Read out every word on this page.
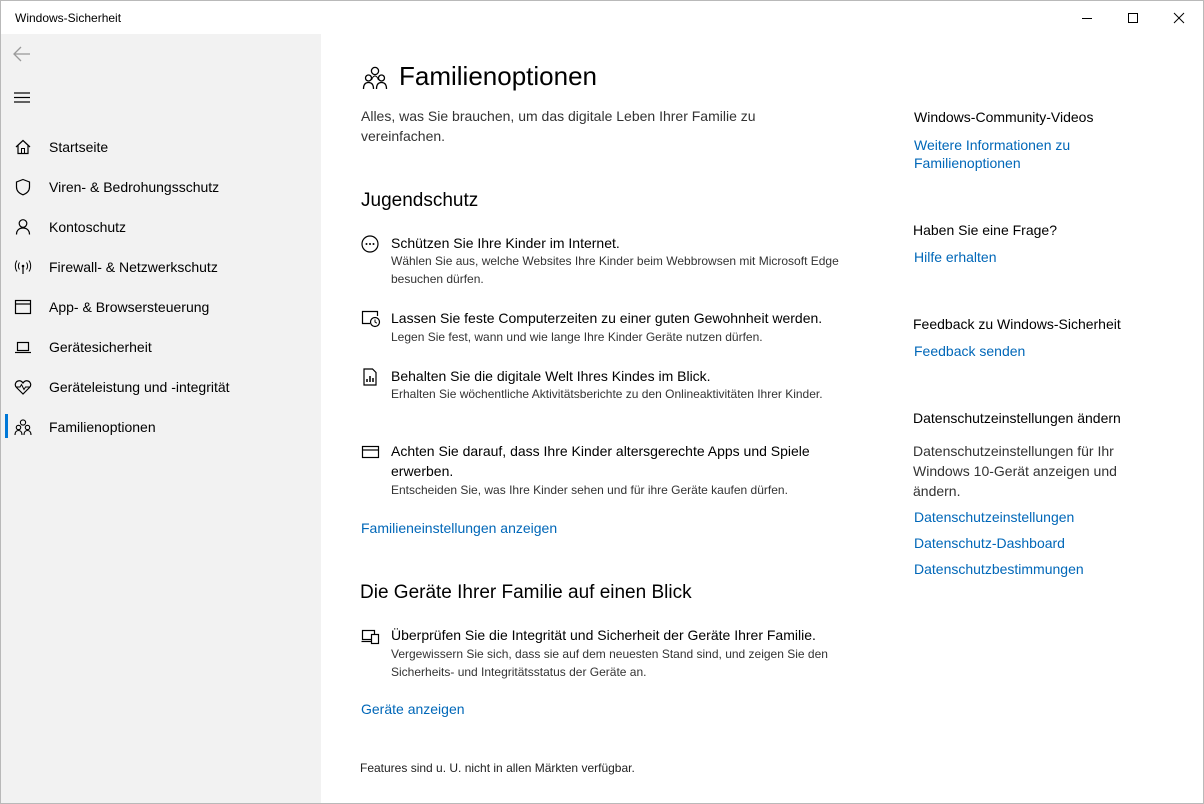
Windows-Sicherheit
Startseite
Viren- & Bedrohungsschutz
Kontoschutz
Firewall- & Netzwerkschutz
App- & Browsersteuerung
Gerätesicherheit
Geräteleistung und -integrität
Familienoptionen
Familienoptionen
Alles, was Sie brauchen, um das digitale Leben Ihrer Familie zu vereinfachen.
Jugendschutz
Schützen Sie Ihre Kinder im Internet.
Wählen Sie aus, welche Websites Ihre Kinder beim Webbrowsen mit Microsoft Edge besuchen dürfen.
Lassen Sie feste Computerzeiten zu einer guten Gewohnheit werden.
Legen Sie fest, wann und wie lange Ihre Kinder Geräte nutzen dürfen.
Behalten Sie die digitale Welt Ihres Kindes im Blick.
Erhalten Sie wöchentliche Aktivitätsberichte zu den Onlineaktivitäten Ihrer Kinder.
Achten Sie darauf, dass Ihre Kinder altersgerechte Apps und Spiele erwerben.
Entscheiden Sie, was Ihre Kinder sehen und für ihre Geräte kaufen dürfen.
Familieneinstellungen anzeigen
Die Geräte Ihrer Familie auf einen Blick
Überprüfen Sie die Integrität und Sicherheit der Geräte Ihrer Familie.
Vergewissern Sie sich, dass sie auf dem neuesten Stand sind, und zeigen Sie den Sicherheits- und Integritätsstatus der Geräte an.
Geräte anzeigen
Features sind u. U. nicht in allen Märkten verfügbar.
Windows-Community-Videos
Weitere Informationen zu Familienoptionen
Haben Sie eine Frage?
Hilfe erhalten
Feedback zu Windows-Sicherheit
Feedback senden
Datenschutzeinstellungen ändern
Datenschutzeinstellungen für Ihr Windows 10-Gerät anzeigen und ändern.
Datenschutzeinstellungen
Datenschutz-Dashboard
Datenschutzbestimmungen
